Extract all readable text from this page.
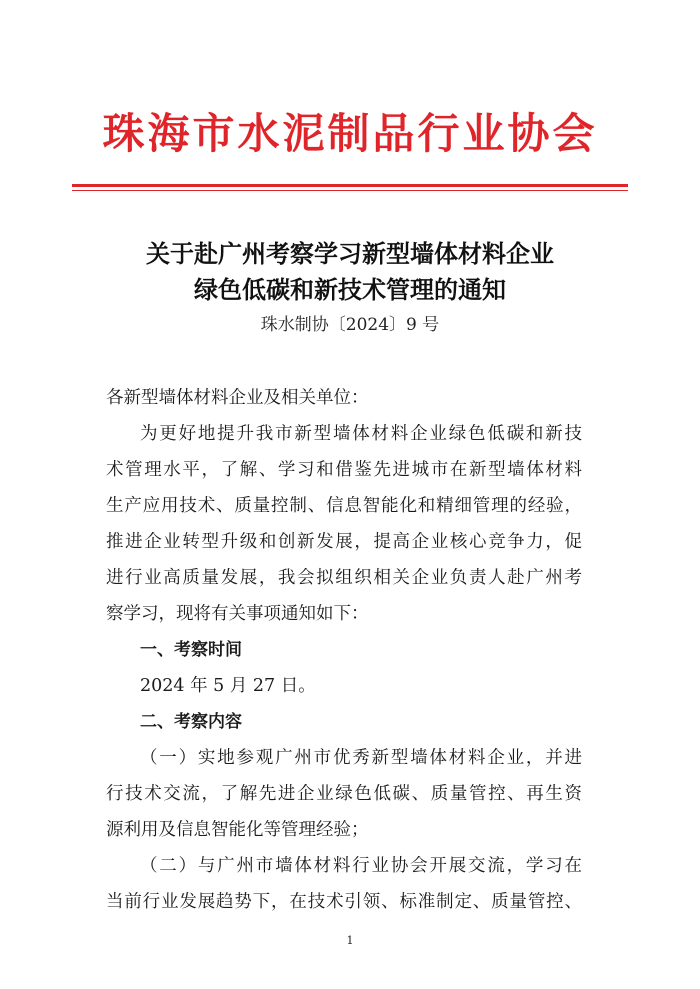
珠海市水泥制品行业协会
关于赴广州考察学习新型墙体材料企业
绿色低碳和新技术管理的通知
珠水制协〔2024〕9 号
各新型墙体材料企业及相关单位：
为更好地提升我市新型墙体材料企业绿色低碳和新技
术管理水平，了解、学习和借鉴先进城市在新型墙体材料
生产应用技术、质量控制、信息智能化和精细管理的经验，
推进企业转型升级和创新发展，提高企业核心竞争力，促
进行业高质量发展，我会拟组织相关企业负责人赴广州考
察学习，现将有关事项通知如下：
一、考察时间
2024 年 5 月 27 日。
二、考察内容
（一）实地参观广州市优秀新型墙体材料企业，并进
行技术交流，了解先进企业绿色低碳、质量管控、再生资
源利用及信息智能化等管理经验；
（二）与广州市墙体材料行业协会开展交流，学习在
当前行业发展趋势下，在技术引领、标准制定、质量管控、
1
